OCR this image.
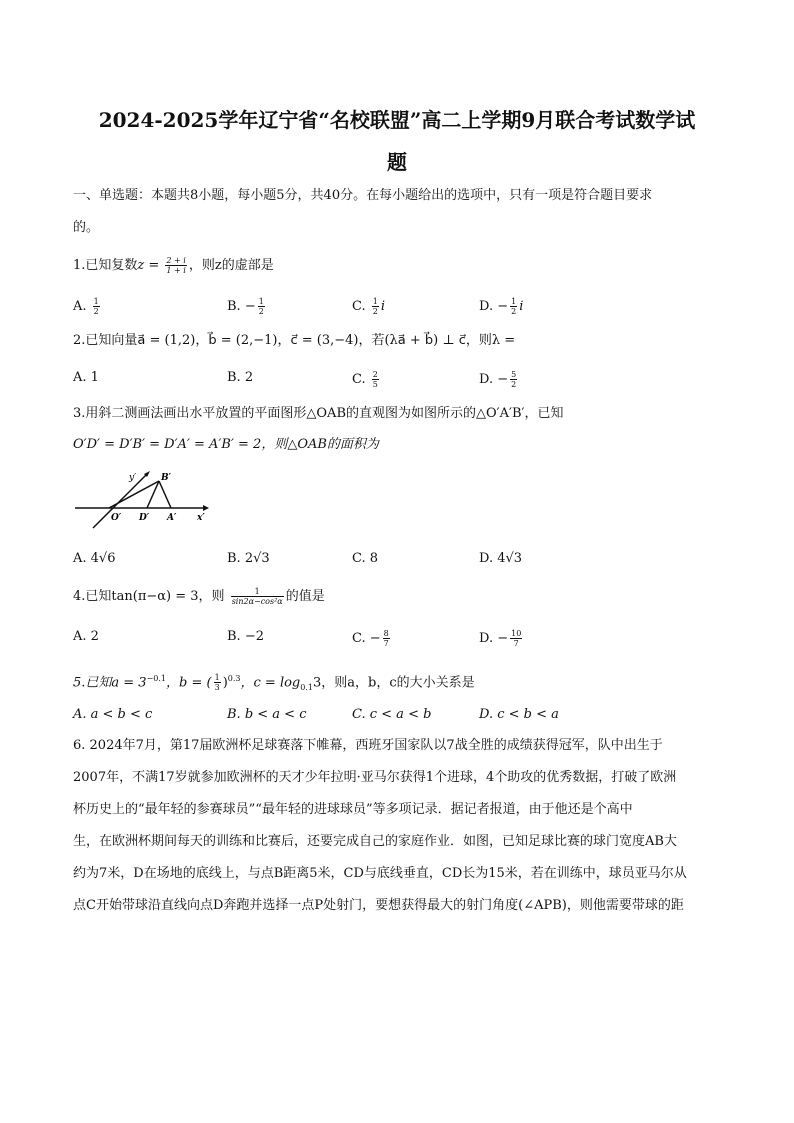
2024-2025学年辽宁省“名校联盟”高二上学期9月联合考试数学试
题
一、单选题：本题共8小题，每小题5分，共40分。在每小题给出的选项中，只有一项是符合题目要求
的。
1.已知复数$z = \frac{2 + i}{1 + i}$ ，则z的虚部是
A. $\frac{1}{2}$	B. − $\frac{1}{2}$	C. $\frac{1}{2}$ i	D. − $\frac{1}{2}$ i
2.已知向量a⃗ = (1,2)，b⃗ = (2,−1)，c⃗ = (3,−4)，若(λa⃗ + b⃗) ⊥ c⃗，则λ =
A. 1	B. 2	C. $\frac{2}{5}$	D. − $\frac{5}{2}$
3.用斜二测画法画出水平放置的平面图形△OAB的直观图为如图所示的△O′A′B′，已知
O′D′ = D′B′ = D′A′ = A′B′ = 2，则△OAB的面积为
y′	B′
O′ D′ A′ x′
A. 4√6	B. 2√3	C. 8	D. 4√3
4.已知tan(π−α) = 3，则 $\frac{1}{\text{sin2α−cos²α}}$ 的值是
A. 2	B. −2	C. − $\frac{8}{7}$	D. − $\frac{10}{7}$
5.已知$a = 3^{-0.1}$，b = ( $\frac{1}{3} )^{0.3}$，$c = \log_{0.1}3$，则a，b，c的大小关系是
A. a < b < c	B. b < a < c	C. c < a < b	D. c < b < a
6. 2024年7月，第17届欧洲杯足球赛落下帷幕，西班牙国家队以7战全胜的成绩获得冠军，队中出生于
2007年，不满17岁就参加欧洲杯的天才少年拉明·亚马尔获得1个进球，4个助攻的优秀数据，打破了欧洲
杯历史上的“最年轻的参赛球员”“最年轻的进球球员”等多项记录．据记者报道，由于他还是个高中
生，在欧洲杯期间每天的训练和比赛后，还要完成自己的家庭作业．如图，已知足球比赛的球门宽度AB大
约为7米，D在场地的底线上，与点B距离5米，CD与底线垂直，CD长为15米，若在训练中，球员亚马尔从
点C开始带球沿直线向点D奔跑并选择一点P处射门，要想获得最大的射门角度(∠APB)，则他需要带球的距
